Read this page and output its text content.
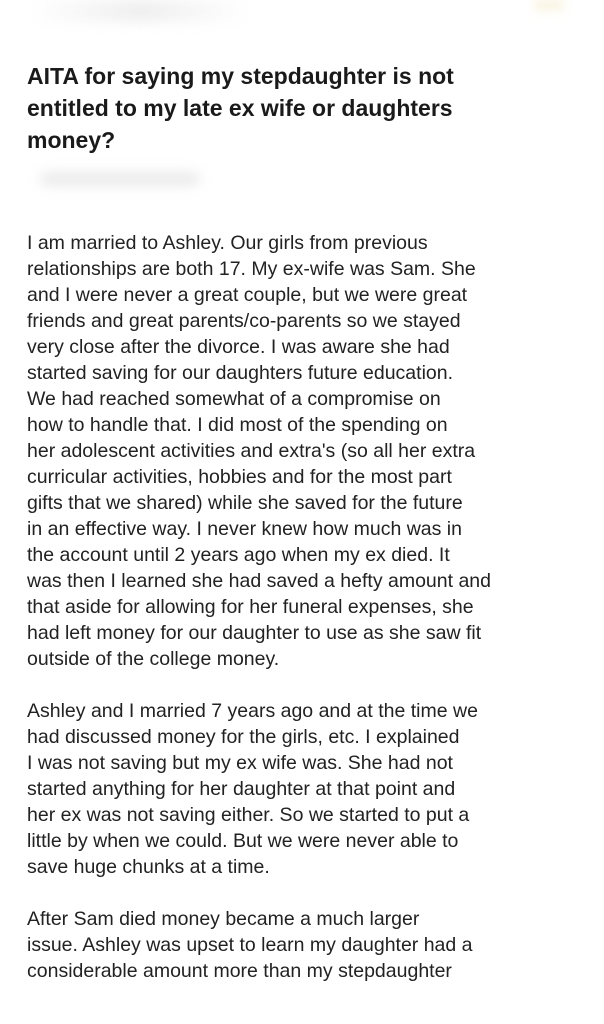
AITA for saying my stepdaughter is not
entitled to my late ex wife or daughters
money?

I am married to Ashley. Our girls from previous
relationships are both 17. My ex-wife was Sam. She
and I were never a great couple, but we were great
friends and great parents/co-parents so we stayed
very close after the divorce. I was aware she had
started saving for our daughters future education.
We had reached somewhat of a compromise on
how to handle that. I did most of the spending on
her adolescent activities and extra's (so all her extra
curricular activities, hobbies and for the most part
gifts that we shared) while she saved for the future
in an effective way. I never knew how much was in
the account until 2 years ago when my ex died. It
was then I learned she had saved a hefty amount and
that aside for allowing for her funeral expenses, she
had left money for our daughter to use as she saw fit
outside of the college money.

Ashley and I married 7 years ago and at the time we
had discussed money for the girls, etc. I explained
I was not saving but my ex wife was. She had not
started anything for her daughter at that point and
her ex was not saving either. So we started to put a
little by when we could. But we were never able to
save huge chunks at a time.

After Sam died money became a much larger
issue. Ashley was upset to learn my daughter had a
considerable amount more than my stepdaughter
